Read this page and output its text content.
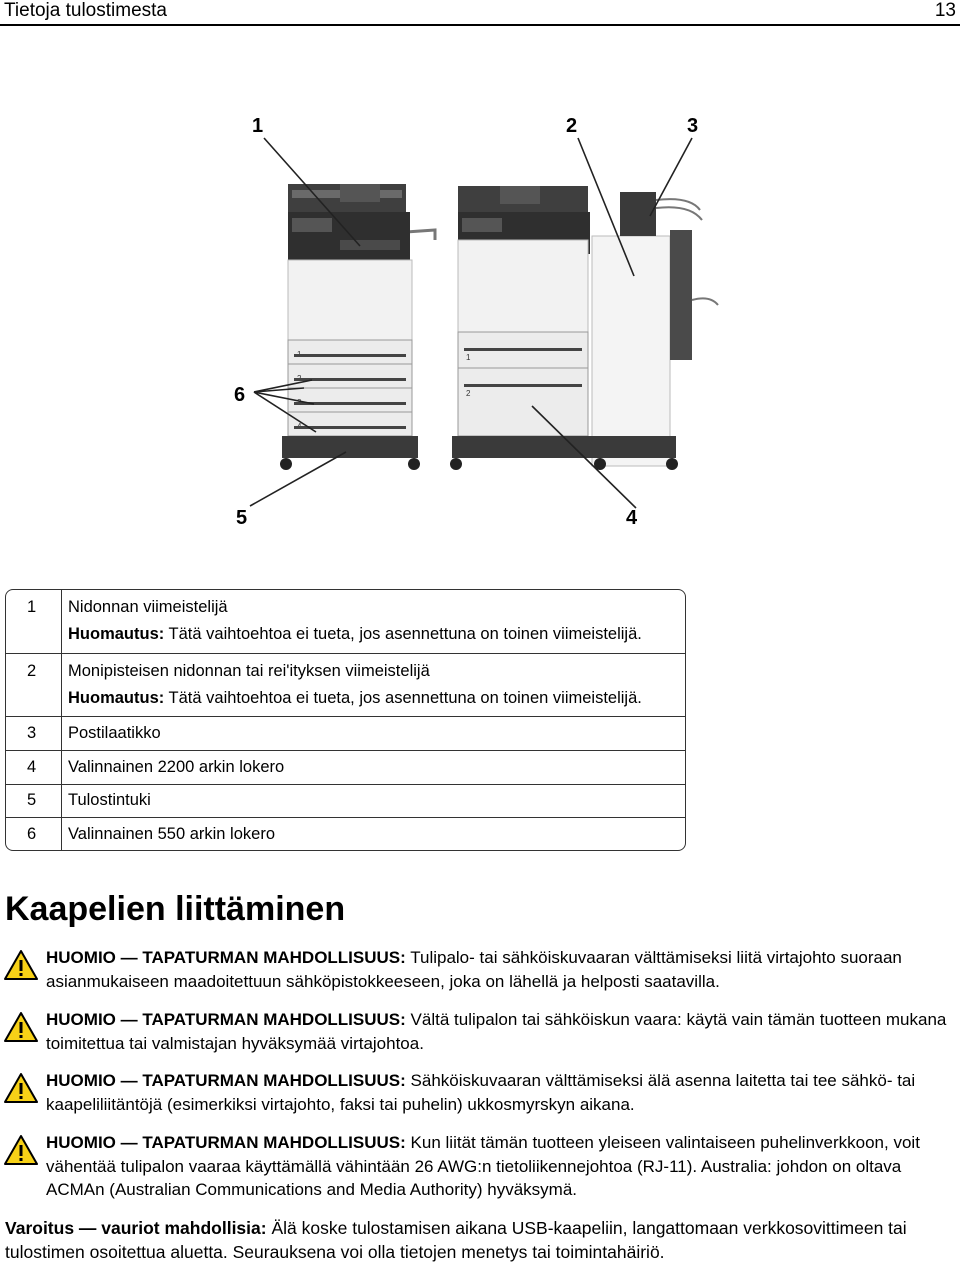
Tietoja tulostimesta	13
1
2
1	2	3
4
5
6
1 Nidonnan viimeistelijä
Huomautus: Tätä vaihtoehtoa ei tueta, jos asennettuna on toinen viimeistelijä.
2 Monipisteisen nidonnan tai rei'ityksen viimeistelijä
Huomautus: Tätä vaihtoehtoa ei tueta, jos asennettuna on toinen viimeistelijä.
3 Postilaatikko
4 Valinnainen 2200 arkin lokero
5 Tulostintuki
6 Valinnainen 550 arkin lokero
Kaapelien liittäminen
HUOMIO — TAPATURMAN MAHDOLLISUUS: Tulipalo- tai sähköiskuvaaran välttämiseksi liitä virtajohto suoraan asianmukaiseen maadoitettuun sähköpistokkeeseen, joka on lähellä ja helposti saatavilla.
HUOMIO — TAPATURMAN MAHDOLLISUUS: Vältä tulipalon tai sähköiskun vaara: käytä vain tämän tuotteen mukana toimitettua tai valmistajan hyväksymää virtajohtoa.
HUOMIO — TAPATURMAN MAHDOLLISUUS: Sähköiskuvaaran välttämiseksi älä asenna laitetta tai tee sähkö- tai kaapeliliitäntöjä (esimerkiksi virtajohto, faksi tai puhelin) ukkosmyrskyn aikana.
HUOMIO — TAPATURMAN MAHDOLLISUUS: Kun liität tämän tuotteen yleiseen valintaiseen puhelinverkkoon, voit vähentää tulipalon vaaraa käyttämällä vähintään 26 AWG:n tietoliikennejohtoa (RJ-11). Australia: johdon on oltava ACMAn (Australian Communications and Media Authority) hyväksymä.
Varoitus — vauriot mahdollisia: Älä koske tulostamisen aikana USB-kaapeliin, langattomaan verkkosovittimeen tai tulostimen osoitettua aluetta. Seurauksena voi olla tietojen menetys tai toimintahäiriö.
